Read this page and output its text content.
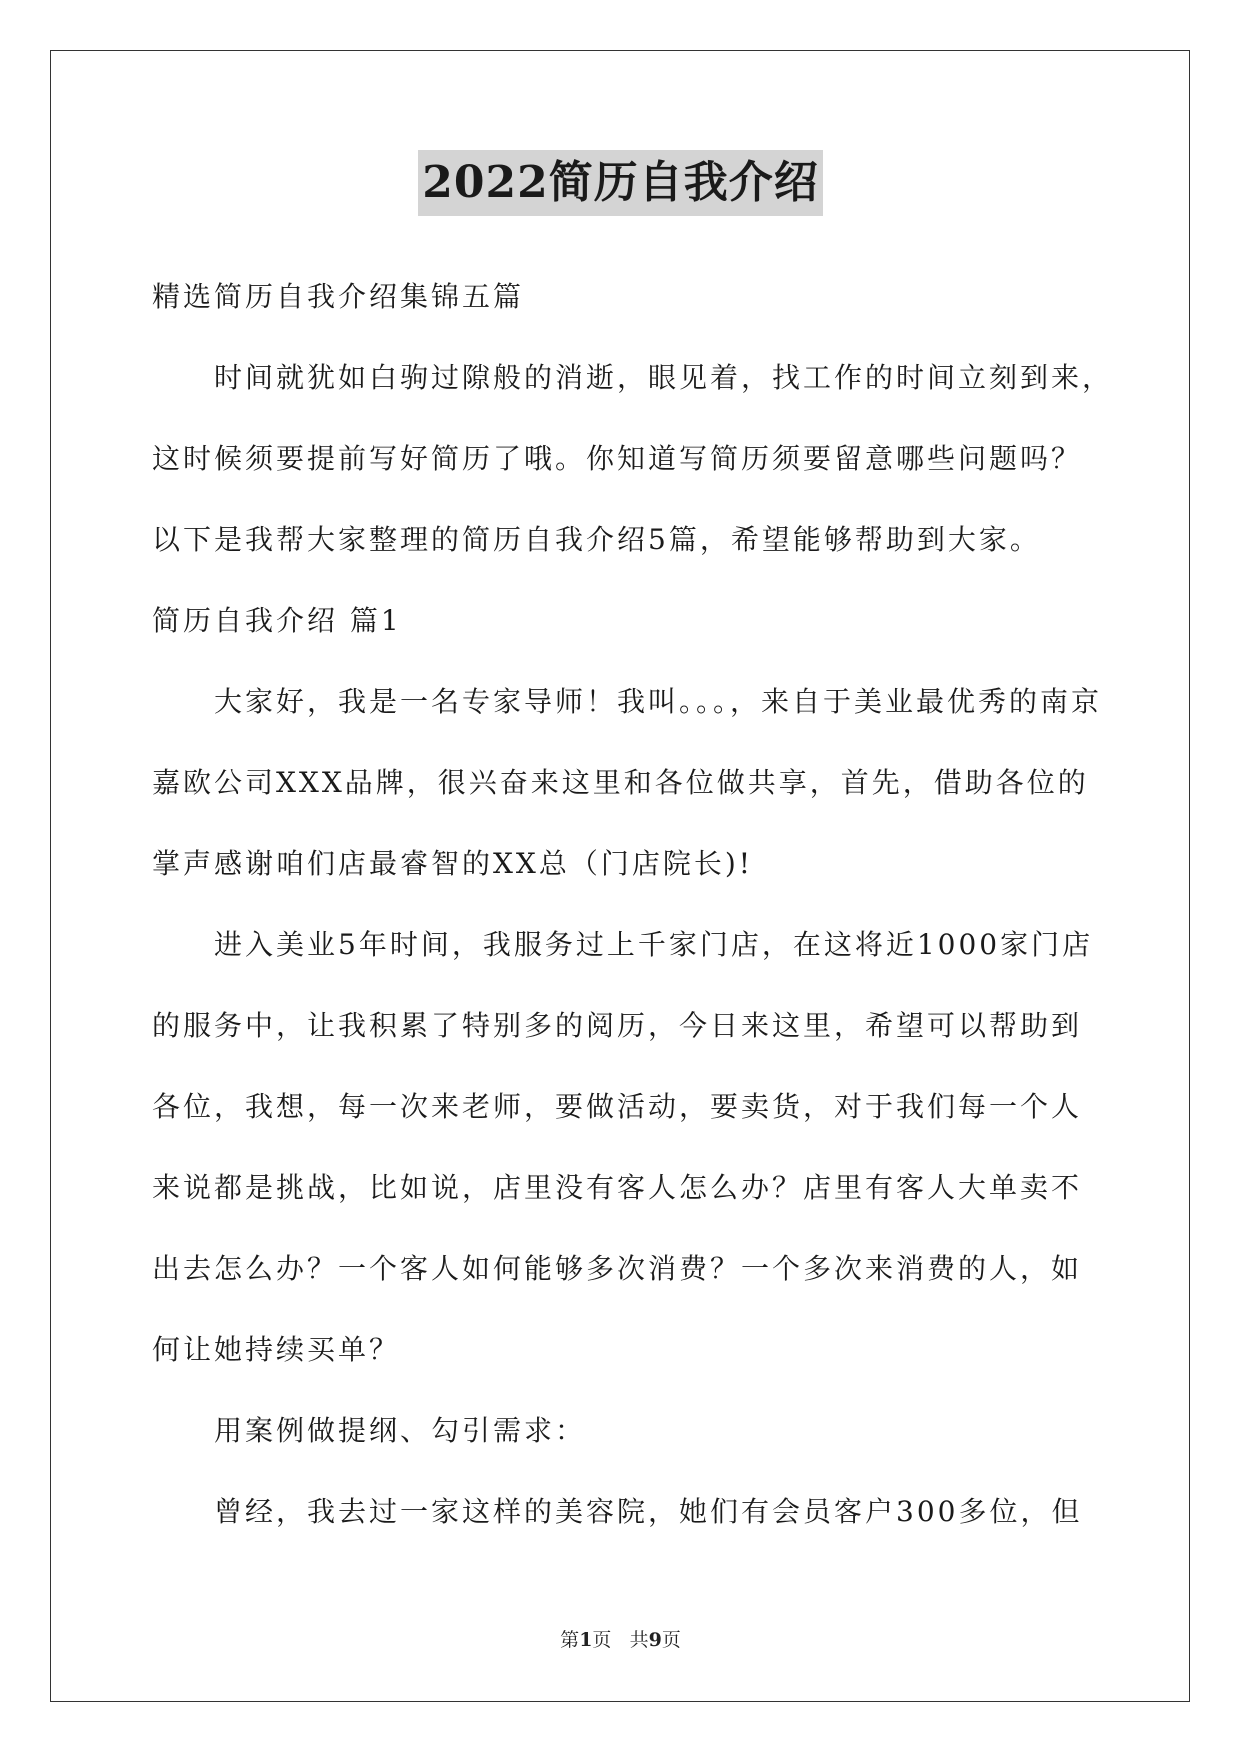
2022简历自我介绍
精选简历自我介绍集锦五篇
时间就犹如白驹过隙般的消逝，眼见着，找工作的时间立刻到来，
这时候须要提前写好简历了哦。你知道写简历须要留意哪些问题吗？
以下是我帮大家整理的简历自我介绍5篇，希望能够帮助到大家。
简历自我介绍 篇1
大家好，我是一名专家导师！我叫。。。，来自于美业最优秀的南京
嘉欧公司XXX品牌，很兴奋来这里和各位做共享，首先，借助各位的
掌声感谢咱们店最睿智的XX总（门店院长)!
进入美业5年时间，我服务过上千家门店，在这将近1000家门店
的服务中，让我积累了特别多的阅历，今日来这里，希望可以帮助到
各位，我想，每一次来老师，要做活动，要卖货，对于我们每一个人
来说都是挑战，比如说，店里没有客人怎么办？店里有客人大单卖不
出去怎么办？一个客人如何能够多次消费？一个多次来消费的人，如
何让她持续买单？
用案例做提纲、勾引需求：
曾经，我去过一家这样的美容院，她们有会员客户300多位，但
第1页 共9页
